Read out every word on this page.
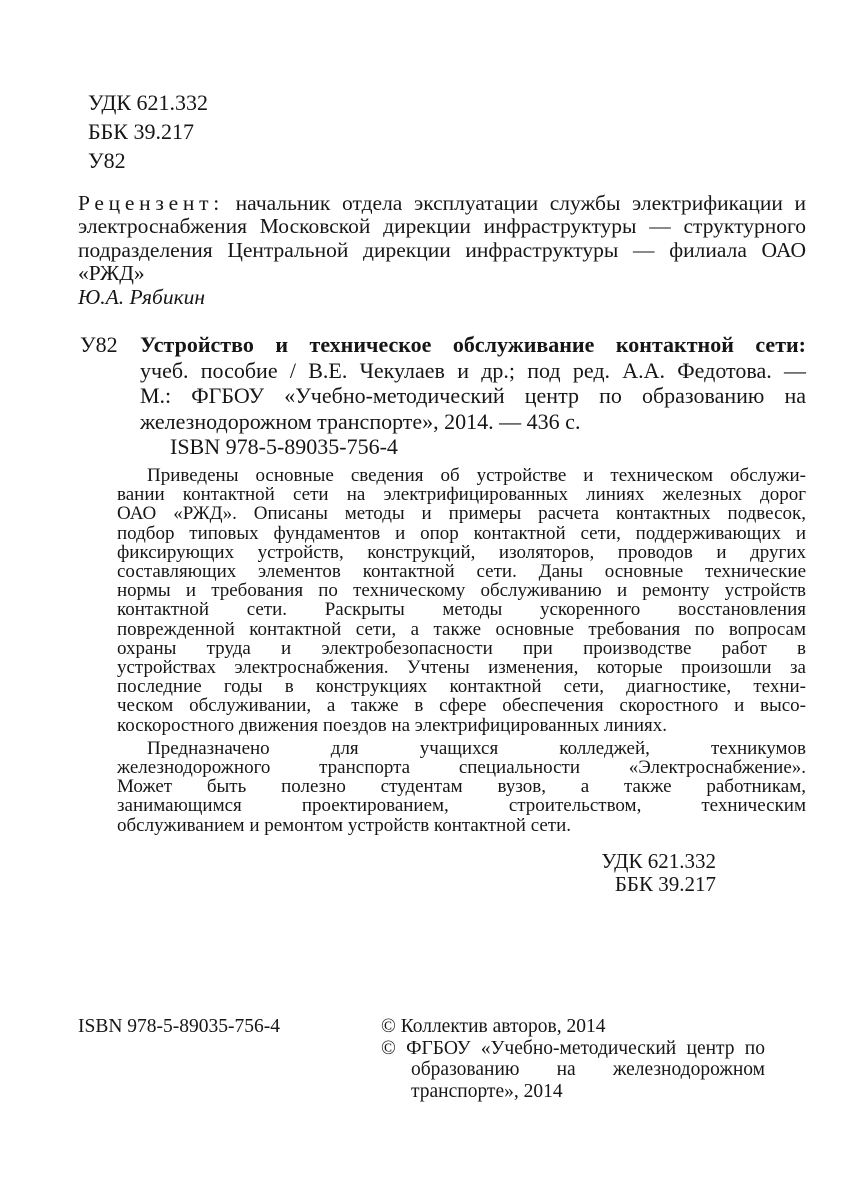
УДК 621.332
ББК 39.217
У82
Рецензент: начальник отдела эксплуатации службы электрификации и
электроснабжения Московской дирекции инфраструктуры — структурного
подразделения Центральной дирекции инфраструктуры — филиала ОАО «РЖД»
Ю.А. Рябикин
У82 Устройство и техническое обслуживание контактной сети:
учеб. пособие / В.Е. Чекулаев и др.; под ред. А.А. Федотова. —
М.: ФГБОУ «Учебно-методический центр по образованию на
железнодорожном транспорте», 2014. — 436 с.
ISBN 978-5-89035-756-4
Приведены основные сведения об устройстве и техническом обслужи-
вании контактной сети на электрифицированных линиях железных дорог
ОАО «РЖД». Описаны методы и примеры расчета контактных подвесок,
подбор типовых фундаментов и опор контактной сети, поддерживающих и
фиксирующих устройств, конструкций, изоляторов, проводов и других
составляющих элементов контактной сети. Даны основные технические
нормы и требования по техническому обслуживанию и ремонту устройств
контактной сети. Раскрыты методы ускоренного восстановления
поврежденной контактной сети, а также основные требования по вопросам
охраны труда и электробезопасности при производстве работ в
устройствах электроснабжения. Учтены изменения, которые произошли за
последние годы в конструкциях контактной сети, диагностике, техни-
ческом обслуживании, а также в сфере обеспечения скоростного и высо-
коскоростного движения поездов на электрифицированных линиях.
Предназначено для учащихся колледжей, техникумов
железнодорожного транспорта специальности «Электроснабжение».
Может быть полезно студентам вузов, а также работникам,
занимающимся проектированием, строительством, техническим
обслуживанием и ремонтом устройств контактной сети.
УДК 621.332
ББК 39.217
ISBN 978-5-89035-756-4	© Коллектив авторов, 2014
© ФГБОУ «Учебно-методический центр по
образованию на железнодорожном
транспорте», 2014
